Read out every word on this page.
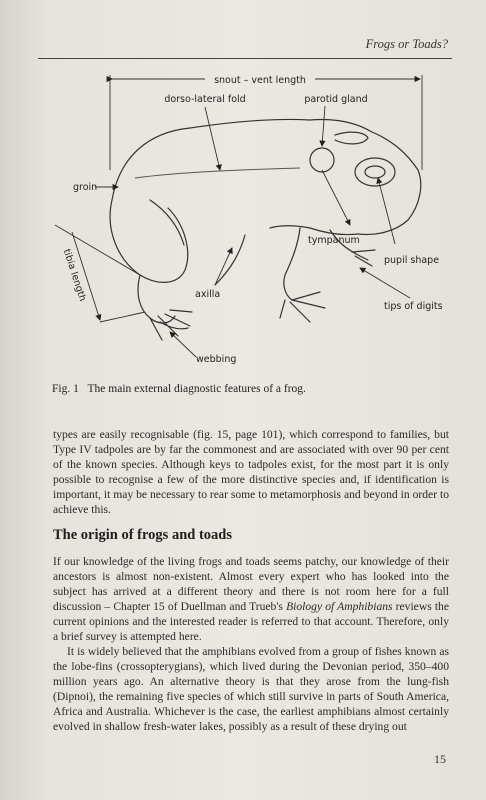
Frogs or Toads?
snout – vent length
tibia length
dorso-lateral fold	parotid gland
groin
tympanum
pupil shape
axilla
tips of digits
webbing
Fig. 1 The main external diagnostic features of a frog.

types are easily recognisable (fig. 15, page 101), which correspond to families, but Type IV tadpoles are by far the commonest and are associated with over 90 per cent of the known species. Although keys to tadpoles exist, for the most part it is only possible to recognise a few of the more distinctive species and, if identification is important, it may be necessary to rear some to metamorphosis and beyond in order to achieve this.

The origin of frogs and toads

If our knowledge of the living frogs and toads seems patchy, our knowledge of their ancestors is almost non-existent. Almost every expert who has looked into the subject has arrived at a different theory and there is not room here for a full discussion – Chapter 15 of Duellman and Trueb's Biology of Amphibians reviews the current opinions and the interested reader is referred to that account. Therefore, only a brief survey is attempted here.

It is widely believed that the amphibians evolved from a group of fishes known as the lobe-fins (crossopterygians), which lived during the Devonian period, 350–400 million years ago. An alternative theory is that they arose from the lung-fish (Dipnoi), the remaining five species of which still survive in parts of South America, Africa and Australia. Whichever is the case, the earliest amphibians almost certainly evolved in shallow fresh-water lakes, possibly as a result of these drying out

15
